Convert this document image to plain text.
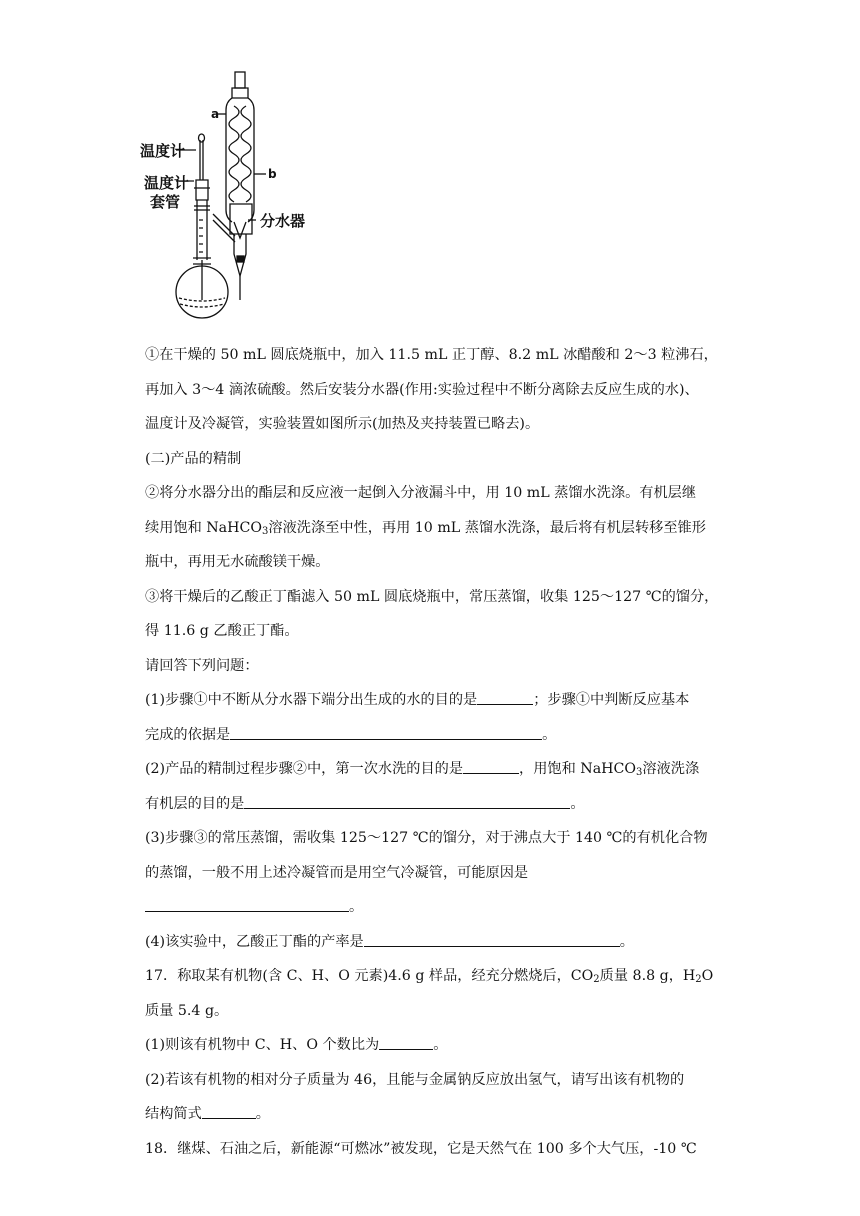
a
b
温度计
温度计
套管
分水器

①在干燥的 50 mL 圆底烧瓶中，加入 11.5 mL 正丁醇、8.2 mL 冰醋酸和 2～3 粒沸石，

再加入 3～4 滴浓硫酸。然后安装分水器(作用:实验过程中不断分离除去反应生成的水)、

温度计及冷凝管，实验装置如图所示(加热及夹持装置已略去)。

(二)产品的精制

②将分水器分出的酯层和反应液一起倒入分液漏斗中，用 10 mL 蒸馏水洗涤。有机层继

续用饱和 NaHCO$_3$溶液洗涤至中性，再用 10 mL 蒸馏水洗涤，最后将有机层转移至锥形

瓶中，再用无水硫酸镁干燥。

③将干燥后的乙酸正丁酯滤入 50 mL 圆底烧瓶中，常压蒸馏，收集 125～127 ℃的馏分，

得 11.6 g 乙酸正丁酯。

请回答下列问题：

(1)步骤①中不断从分水器下端分出生成的水的目的是	；步骤①中判断反应基本

完成的依据是	。

(2)产品的精制过程步骤②中，第一次水洗的目的是	，用饱和 NaHCO$_3$溶液洗涤

有机层的目的是	。

(3)步骤③的常压蒸馏，需收集 125～127 ℃的馏分，对于沸点大于 140 ℃的有机化合物

的蒸馏，一般不用上述冷凝管而是用空气冷凝管，可能原因是

。

(4)该实验中，乙酸正丁酯的产率是	。

17．称取某有机物(含 C、H、O 元素)4.6 g 样品，经充分燃烧后，$CO_2$质量 8.8 g，$H_2O$

质量 5.4 g。

(1)则该有机物中 C、H、O 个数比为	。

(2)若该有机物的相对分子质量为 46，且能与金属钠反应放出氢气，请写出该有机物的

结构简式	。

18．继煤、石油之后，新能源“可燃冰”被发现，它是天然气在 100 多个大气压，-10 ℃
